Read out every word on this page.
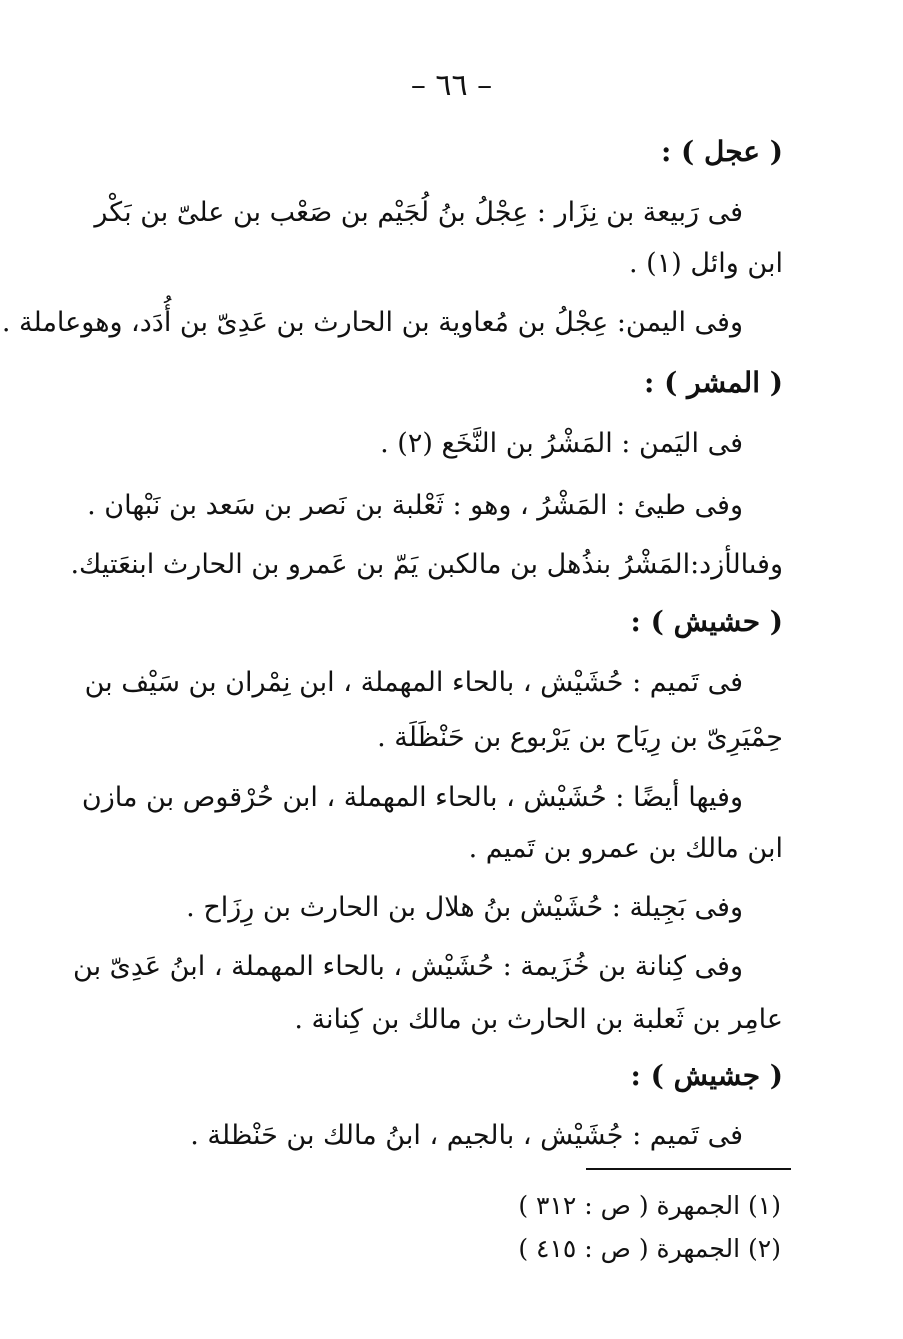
– ٦٦ –
( عجل ) :
فى رَبيعة بن نِزَار : عِجْلُ بنُ لُجَيْم بن صَعْب بن علىّ بن بَكْر
ابن وائل (١) .
وفى اليمن: عِجْلُ بن مُعاوية بن الحارث بن عَدِىّ بن أُدَد، وهوعاملة .
( المشر ) :
فى اليَمن : المَشْرُ بن النَّخَع (٢) .
وفى طيئ : المَشْرُ ، وهو : ثَعْلبة بن نَصر بن سَعد بن نَبْهان .
وفىالأزد:المَشْرُ بنذُهل بن مالكبن يَمّ بن عَمرو بن الحارث ابنعَتيك.
( حشيش ) :
فى تَميم : حُشَيْش ، بالحاء المهملة ، ابن نِمْران بن سَيْف بن
حِمْيَرِىّ بن رِيَاح بن يَرْبوع بن حَنْظَلَة .
وفيها أيضًا : حُشَيْش ، بالحاء المهملة ، ابن حُرْقوص بن مازن
ابن مالك بن عمرو بن تَميم .
وفى بَجِيلة : حُشَيْش بنُ هلال بن الحارث بن رِزَاح .
وفى كِنانة بن خُزَيمة : حُشَيْش ، بالحاء المهملة ، ابنُ عَدِىّ بن
عامِر بن ثَعلبة بن الحارث بن مالك بن كِنانة .
( جشيش ) :
فى تَميم : جُشَيْش ، بالجيم ، ابنُ مالك بن حَنْظلة .
(١) الجمهرة ( ص : ٣١٢ )
(٢) الجمهرة ( ص : ٤١٥ )
